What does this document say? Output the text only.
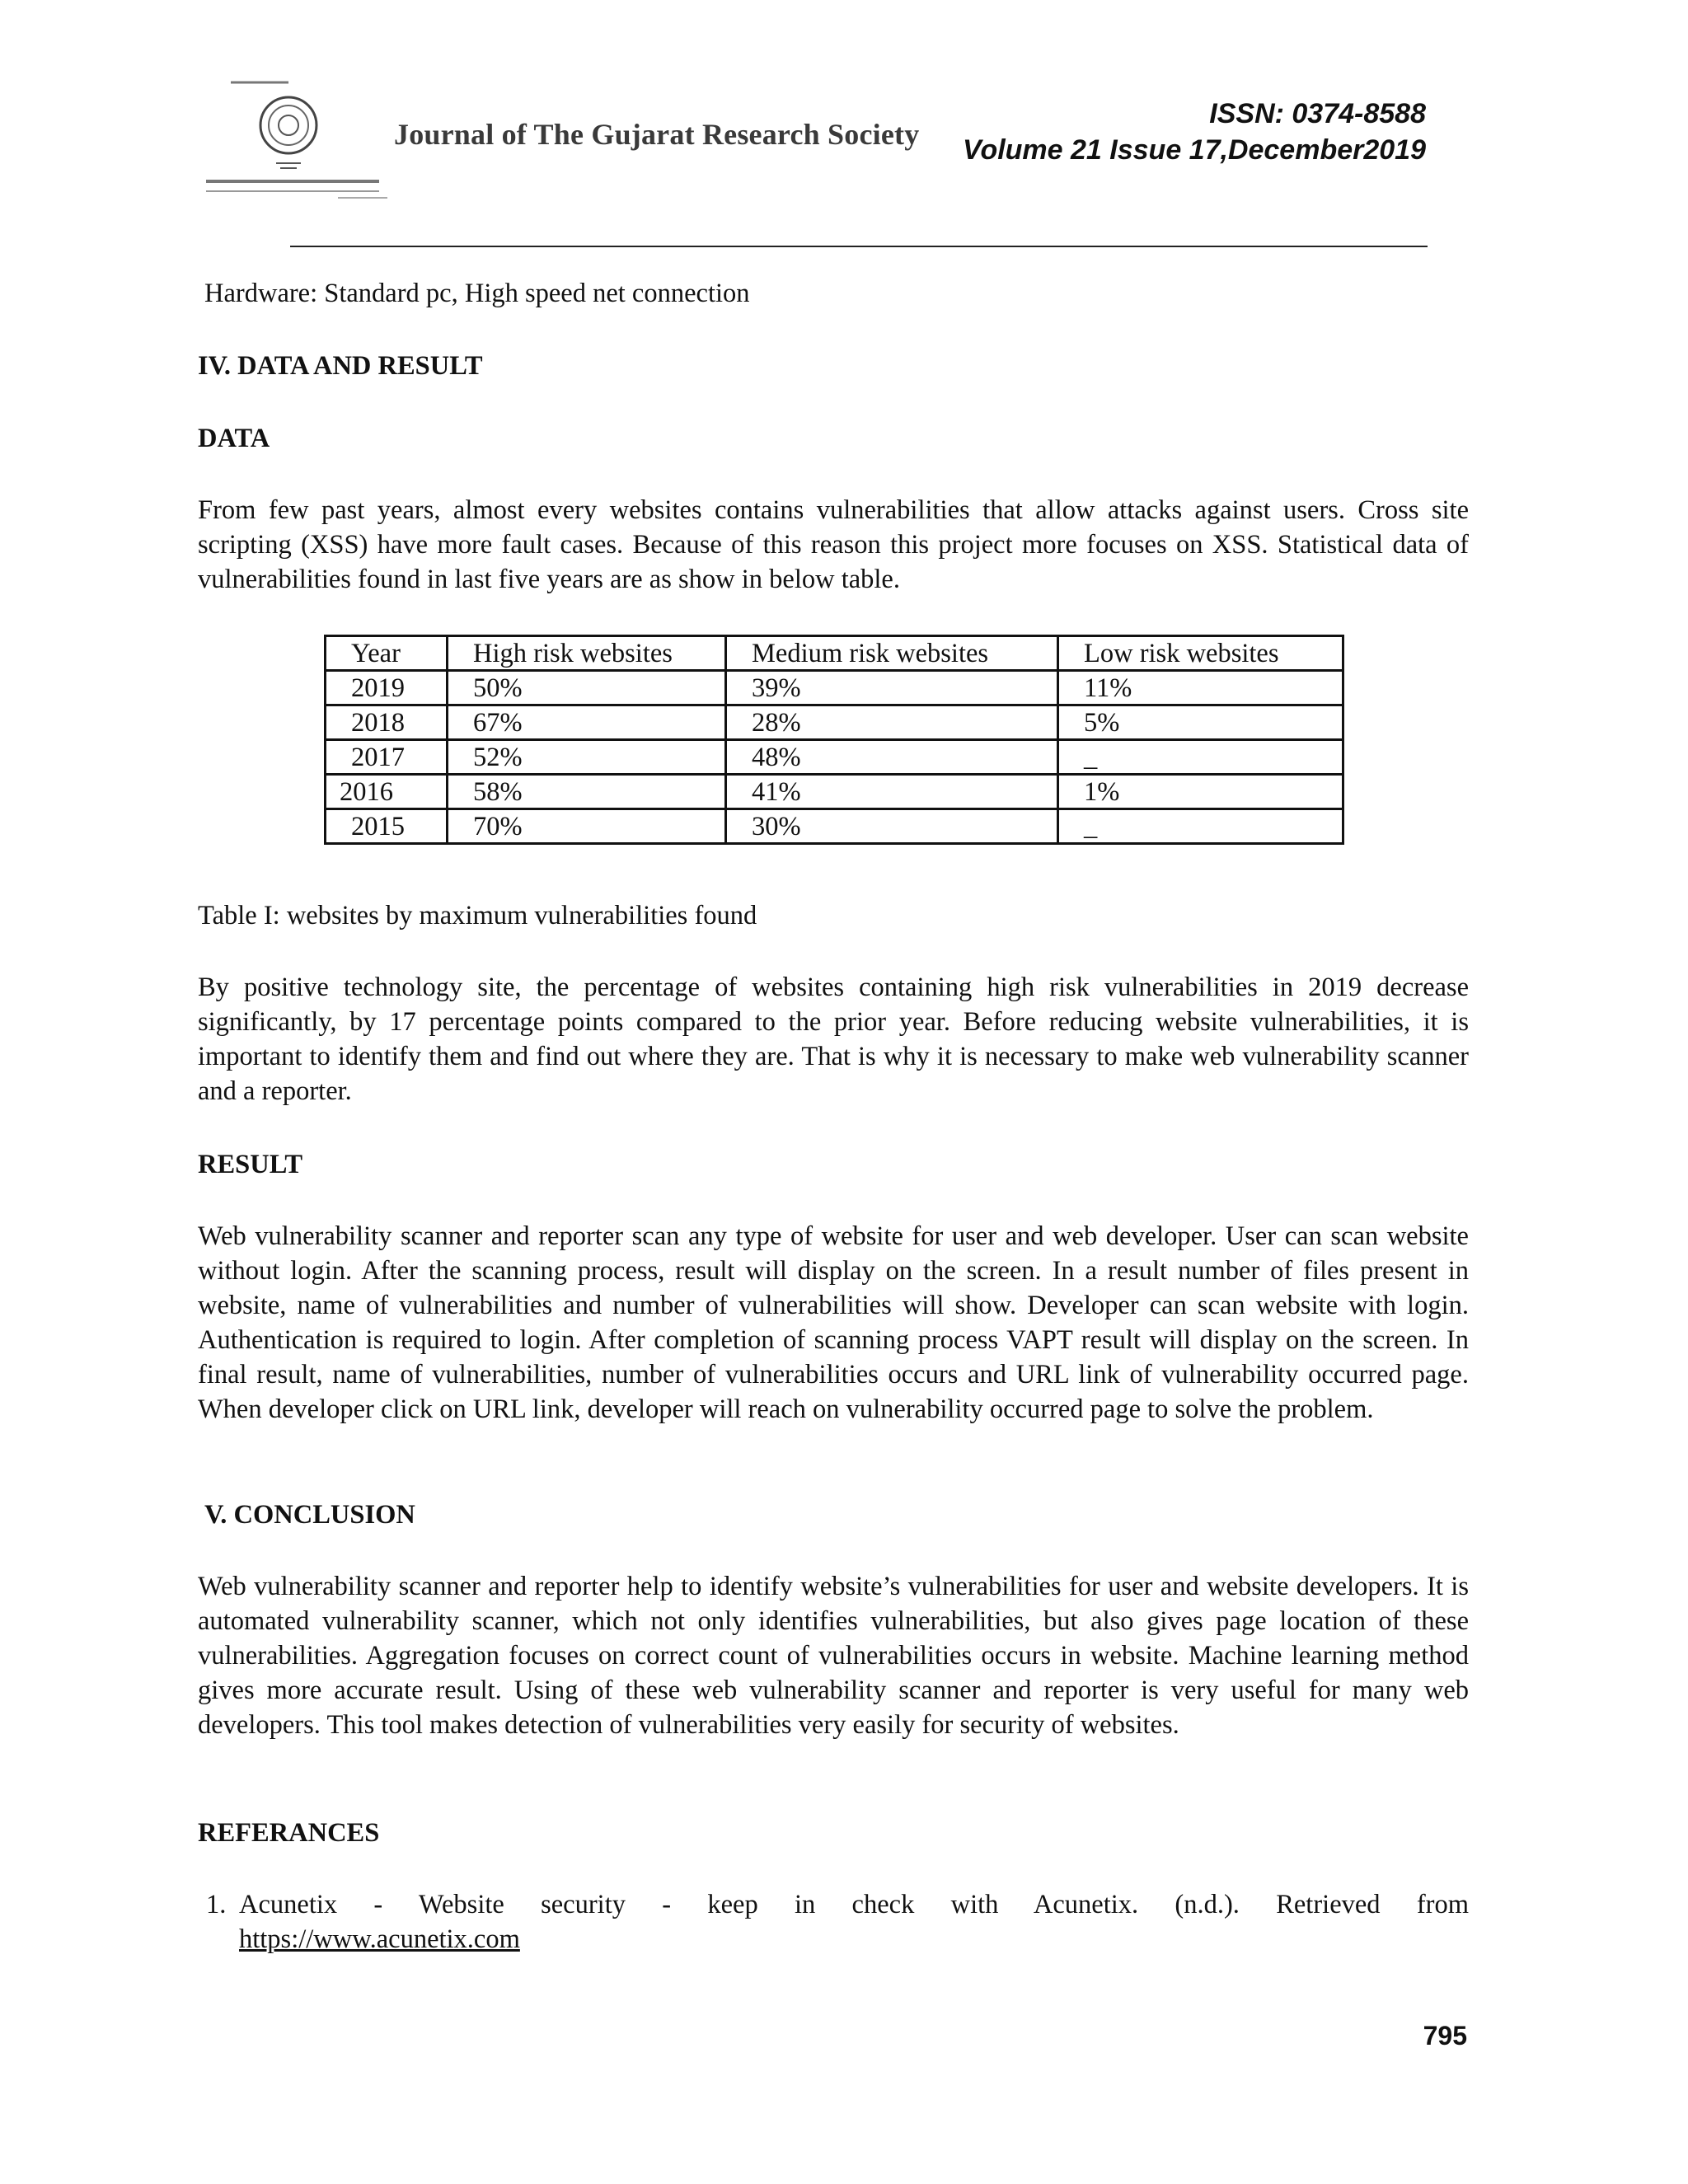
Journal of The Gujarat Research Society
ISSN: 0374-8588
Volume 21 Issue 17,December2019
Hardware: Standard pc, High speed net connection
IV. DATA AND RESULT
DATA
From few past years, almost every websites contains vulnerabilities that allow attacks against users. Cross site scripting (XSS) have more fault cases. Because of this reason this project more focuses on XSS. Statistical data of vulnerabilities found in last five years are as show in below table.
Year	High risk websites	Medium risk websites	Low risk websites
2019	50%	39%	11%
2018	67%	28%	5%
2017	52%	48%	_
2016	58%	41%	1%
2015	70%	30%	_
Table I: websites by maximum vulnerabilities found
By positive technology site, the percentage of websites containing high risk vulnerabilities in 2019 decrease significantly, by 17 percentage points compared to the prior year. Before reducing website vulnerabilities, it is important to identify them and find out where they are. That is why it is necessary to make web vulnerability scanner and a reporter.
RESULT
Web vulnerability scanner and reporter scan any type of website for user and web developer. User can scan website without login. After the scanning process, result will display on the screen. In a result number of files present in website, name of vulnerabilities and number of vulnerabilities will show. Developer can scan website with login. Authentication is required to login. After completion of scanning process VAPT result will display on the screen. In final result, name of vulnerabilities, number of vulnerabilities occurs and URL link of vulnerability occurred page. When developer click on URL link, developer will reach on vulnerability occurred page to solve the problem.
V. CONCLUSION
Web vulnerability scanner and reporter help to identify website’s vulnerabilities for user and website developers. It is automated vulnerability scanner, which not only identifies vulnerabilities, but also gives page location of these vulnerabilities. Aggregation focuses on correct count of vulnerabilities occurs in website. Machine learning method gives more accurate result. Using of these web vulnerability scanner and reporter is very useful for many web developers. This tool makes detection of vulnerabilities very easily for security of websites.
REFERANCES
1. Acunetix - Website security - keep in check with Acunetix. (n.d.). Retrieved from
https://www.acunetix.com
795
